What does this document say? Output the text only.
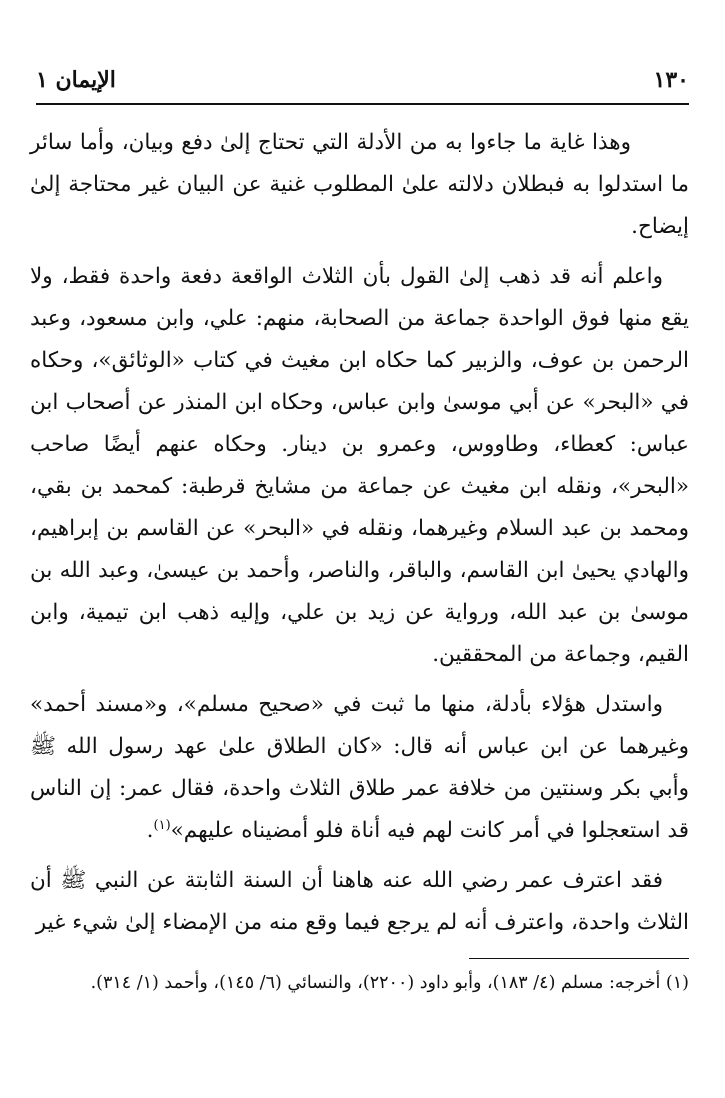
١٣٠
الإيمان ١

وهذا غاية ما جاءوا به من الأدلة التي تحتاج إلىٰ دفع وبيان، وأما سائر ما استدلوا به فبطلان دلالته علىٰ المطلوب غنية عن البيان غير محتاجة إلىٰ إيضاح.

واعلم أنه قد ذهب إلىٰ القول بأن الثلاث الواقعة دفعة واحدة فقط، ولا يقع منها فوق الواحدة جماعة من الصحابة، منهم: علي، وابن مسعود، وعبد الرحمن بن عوف، والزبير كما حكاه ابن مغيث في كتاب «الوثائق»، وحكاه في «البحر» عن أبي موسىٰ وابن عباس، وحكاه ابن المنذر عن أصحاب ابن عباس: كعطاء، وطاووس، وعمرو بن دينار. وحكاه عنهم أيضًا صاحب «البحر»، ونقله ابن مغيث عن جماعة من مشايخ قرطبة: كمحمد بن بقي، ومحمد بن عبد السلام وغيرهما، ونقله في «البحر» عن القاسم بن إبراهيم، والهادي يحيىٰ ابن القاسم، والباقر، والناصر، وأحمد بن عيسىٰ، وعبد الله بن موسىٰ بن عبد الله، ورواية عن زيد بن علي، وإليه ذهب ابن تيمية، وابن القيم، وجماعة من المحققين.

واستدل هؤلاء بأدلة، منها ما ثبت في «صحيح مسلم»، و«مسند أحمد» وغيرهما عن ابن عباس أنه قال: «كان الطلاق علىٰ عهد رسول الله ﷺ وأبي بكر وسنتين من خلافة عمر طلاق الثلاث واحدة، فقال عمر: إن الناس قد استعجلوا في أمر كانت لهم فيه أناة فلو أمضيناه عليهم»$^{(١)}$.

فقد اعترف عمر رضي الله عنه هاهنا أن السنة الثابتة عن النبي ﷺ أن الثلاث واحدة، واعترف أنه لم يرجع فيما وقع منه من الإمضاء إلىٰ شيء غير

(١) أخرجه: مسلم (٤/ ١٨٣)، وأبو داود (٢٢٠٠)، والنسائي (٦/ ١٤٥)، وأحمد (١/ ٣١٤).
